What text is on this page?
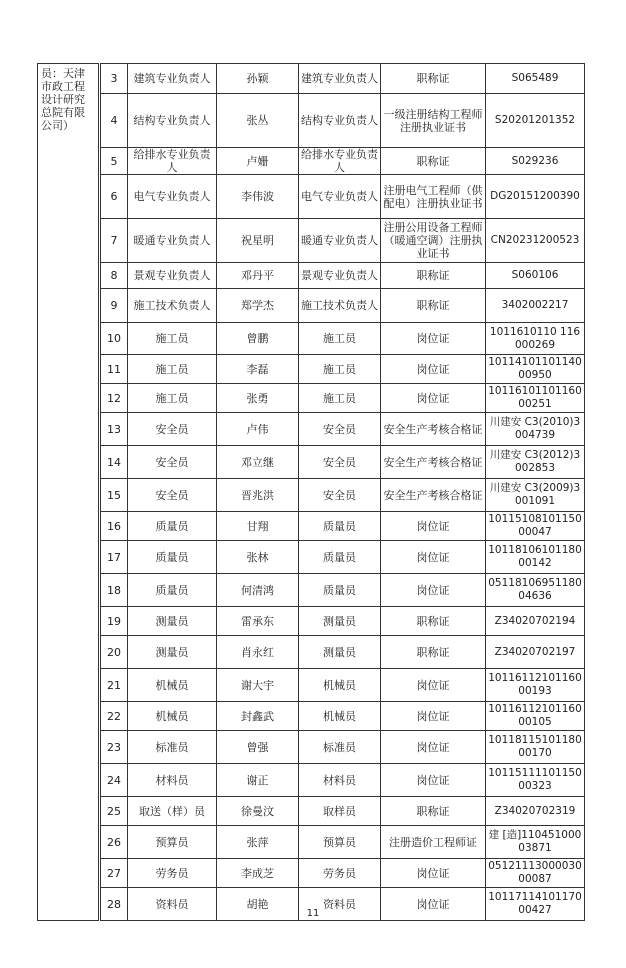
员：天津市政工程设计研究总院有限公司）	3	建筑专业负责人	孙颖	建筑专业负责人	职称证	S065489
	4	结构专业负责人	张丛	结构专业负责人	一级注册结构工程师注册执业证书	S20201201352
	5	给排水专业负责人	卢姗	给排水专业负责人	职称证	S029236
	6	电气专业负责人	李伟波	电气专业负责人	注册电气工程师（供配电）注册执业证书	DG20151200390
	7	暖通专业负责人	祝星明	暖通专业负责人	注册公用设备工程师（暖通空调）注册执业证书	CN20231200523
	8	景观专业负责人	邓丹平	景观专业负责人	职称证	S060106
	9	施工技术负责人	郑学杰	施工技术负责人	职称证	3402002217
	10	施工员	曾鹏	施工员	岗位证	1011610110 116000269
	11	施工员	李磊	施工员	岗位证	1011410110114000950
	12	施工员	张勇	施工员	岗位证	1011610110116000251
	13	安全员	卢伟	安全员	安全生产考核合格证	川建安 C3(2010)3004739
	14	安全员	邓立继	安全员	安全生产考核合格证	川建安 C3(2012)3002853
	15	安全员	晋兆洪	安全员	安全生产考核合格证	川建安 C3(2009)3001091
	16	质量员	甘翔	质量员	岗位证	1011510810115000047
	17	质量员	张林	质量员	岗位证	1011810610118000142
	18	质量员	何清鸿	质量员	岗位证	0511810695118004636
	19	测量员	雷承东	测量员	职称证	Z34020702194
	20	测量员	肖永红	测量员	职称证	Z34020702197
	21	机械员	谢大宇	机械员	岗位证	1011611210116000193
	22	机械员	封鑫武	机械员	岗位证	1011611210116000105
	23	标准员	曾强	标准员	岗位证	1011811510118000170
	24	材料员	谢正	材料员	岗位证	1011511110115000323
	25	取送（样）员	徐曼汶	取样员	职称证	Z34020702319
	26	预算员	张萍	预算员	注册造价工程师证	建 [造]11045100003871
	27	劳务员	李成芝	劳务员	岗位证	0512111300003000087
	28	资料员	胡艳	资料员	岗位证	1011711410117000427
11
